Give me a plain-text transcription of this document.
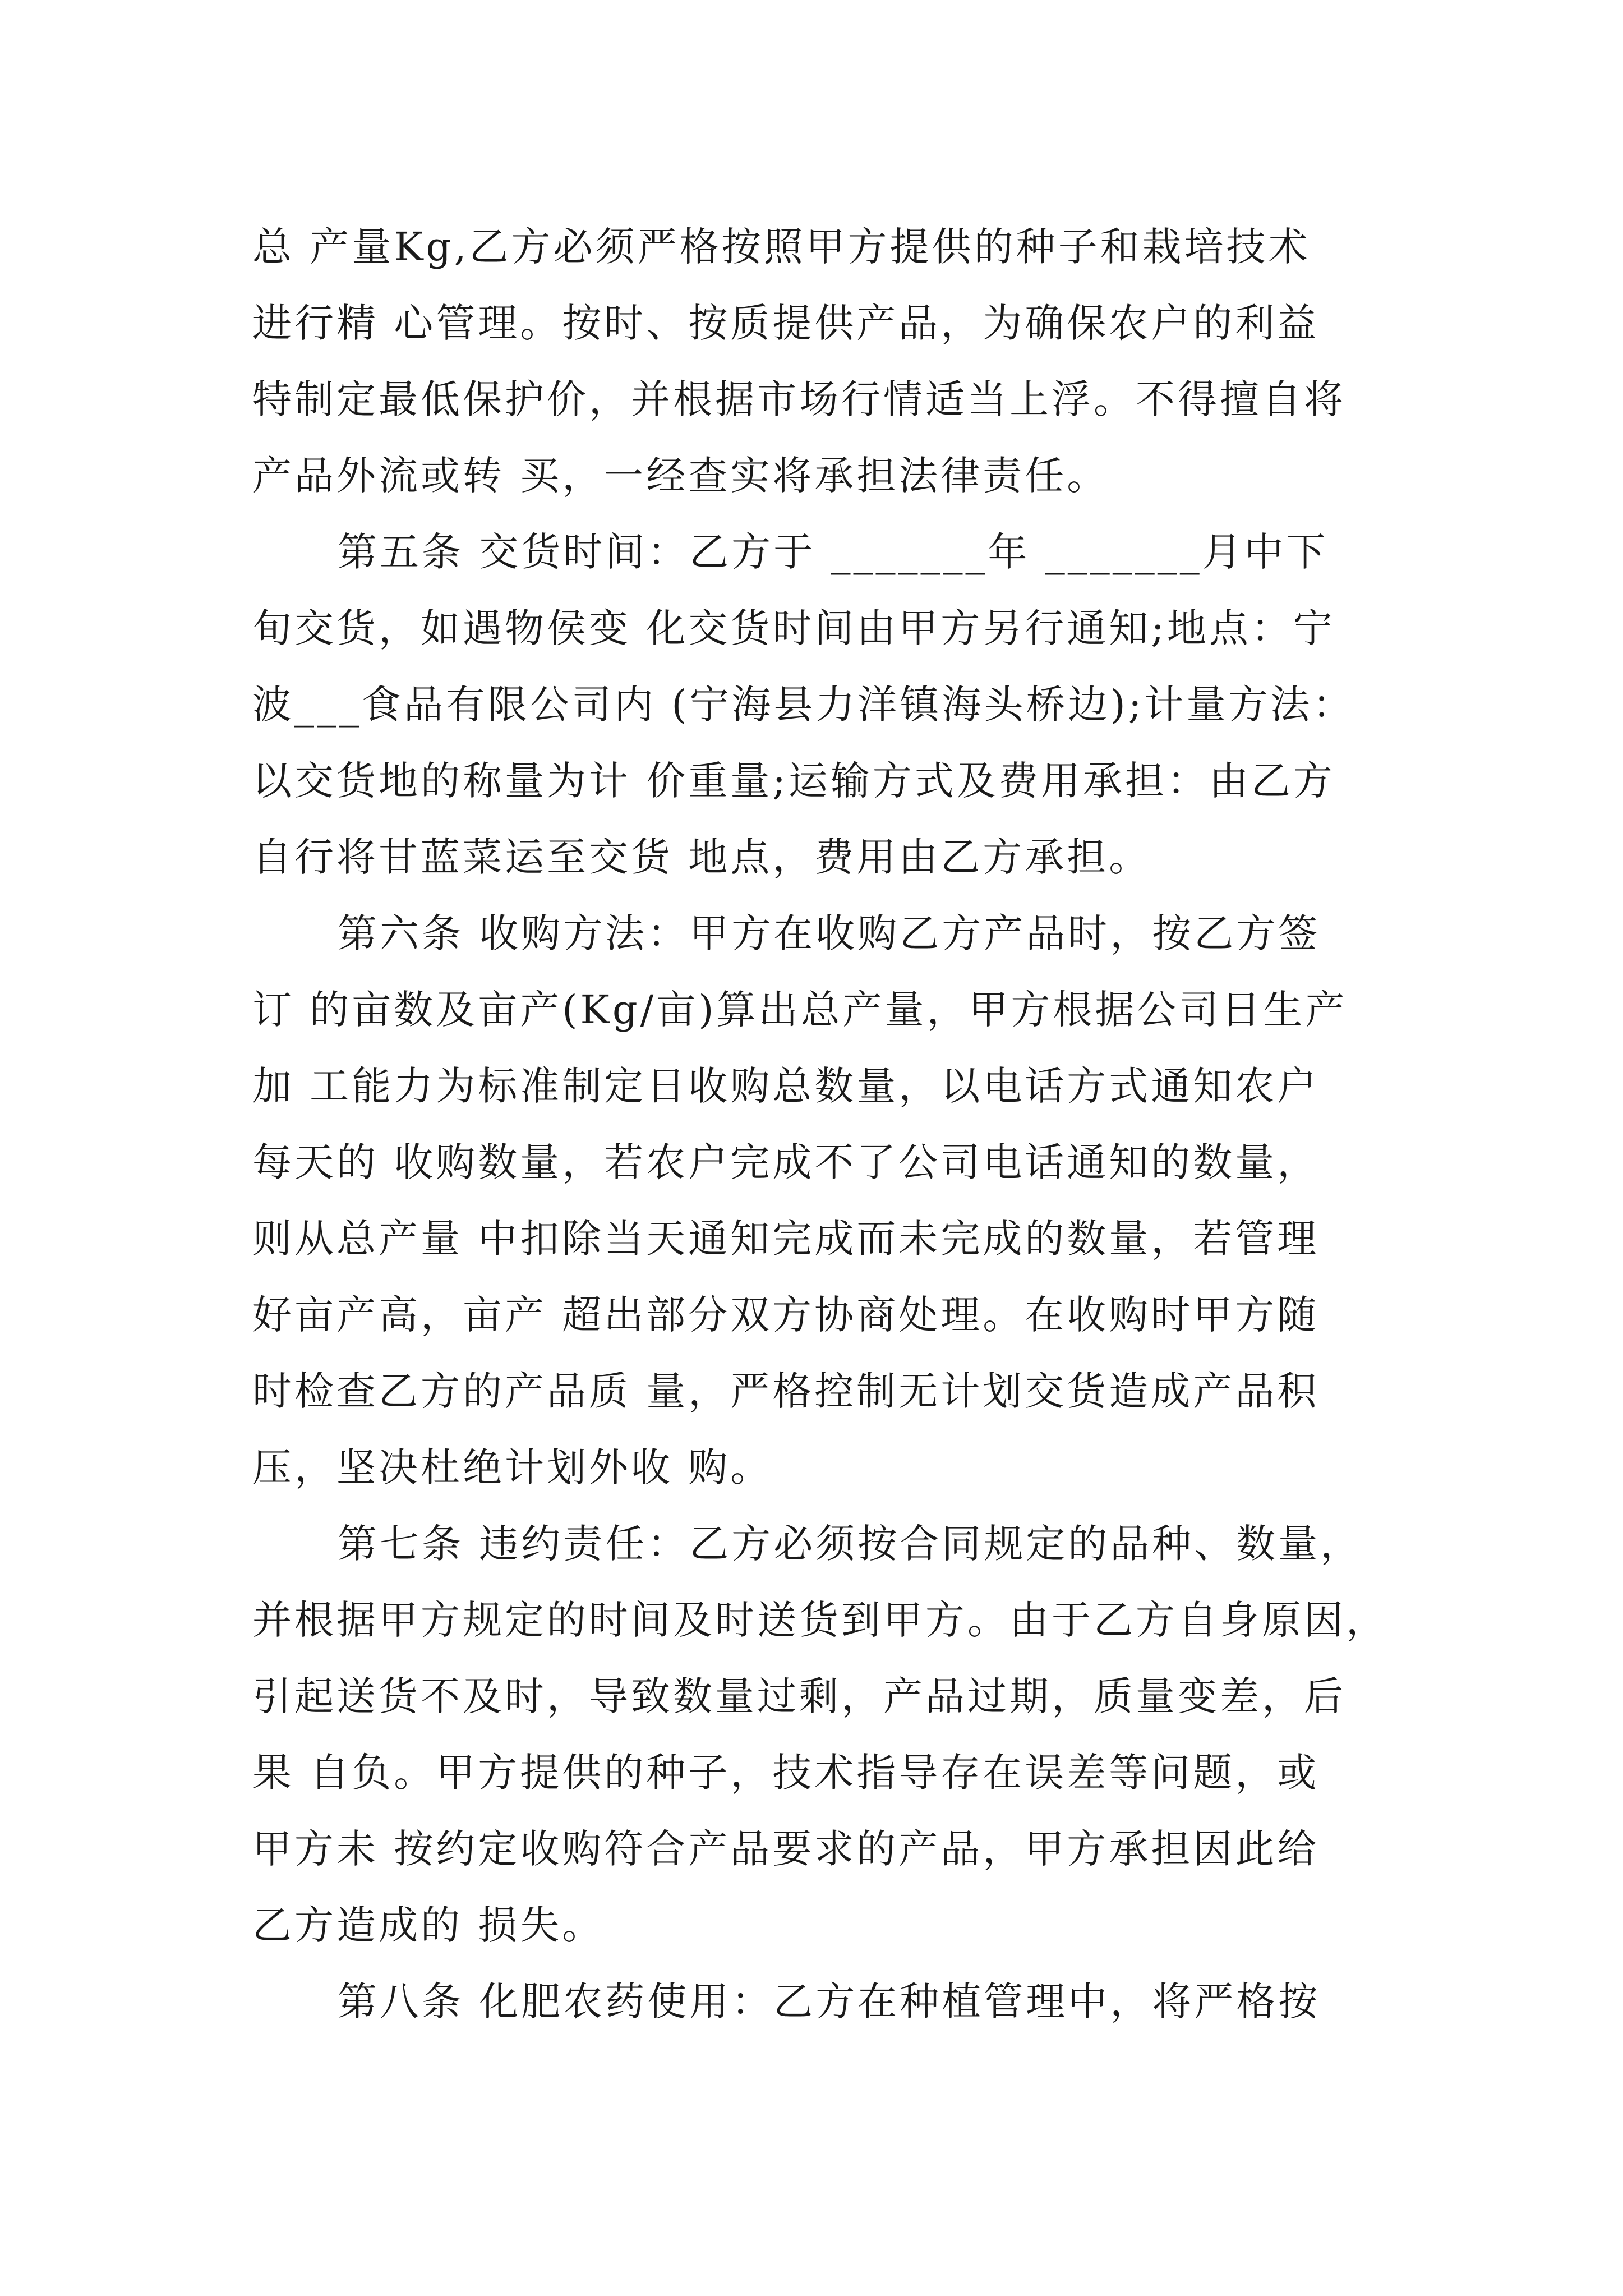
总 产量Kg,乙方必须严格按照甲方提供的种子和栽培技术
进行精 心管理。按时、按质提供产品，为确保农户的利益
特制定最低保护价，并根据市场行情适当上浮。不得擅自将
产品外流或转 买，一经查实将承担法律责任。
第五条 交货时间：乙方于 _______年 _______月中下
旬交货，如遇物侯变 化交货时间由甲方另行通知;地点：宁
波___食品有限公司内 (宁海县力洋镇海头桥边);计量方法：
以交货地的称量为计 价重量;运输方式及费用承担：由乙方
自行将甘蓝菜运至交货 地点，费用由乙方承担。
第六条 收购方法：甲方在收购乙方产品时，按乙方签
订 的亩数及亩产(Kg/亩)算出总产量，甲方根据公司日生产
加 工能力为标准制定日收购总数量，以电话方式通知农户
每天的 收购数量，若农户完成不了公司电话通知的数量，
则从总产量 中扣除当天通知完成而未完成的数量，若管理
好亩产高，亩产 超出部分双方协商处理。在收购时甲方随
时检查乙方的产品质 量，严格控制无计划交货造成产品积
压，坚决杜绝计划外收 购。
第七条 违约责任：乙方必须按合同规定的品种、数量，
并根据甲方规定的时间及时送货到甲方。由于乙方自身原因，
引起送货不及时，导致数量过剩，产品过期，质量变差，后
果 自负。甲方提供的种子，技术指导存在误差等问题，或
甲方未 按约定收购符合产品要求的产品，甲方承担因此给
乙方造成的 损失。
第八条 化肥农药使用：乙方在种植管理中，将严格按
